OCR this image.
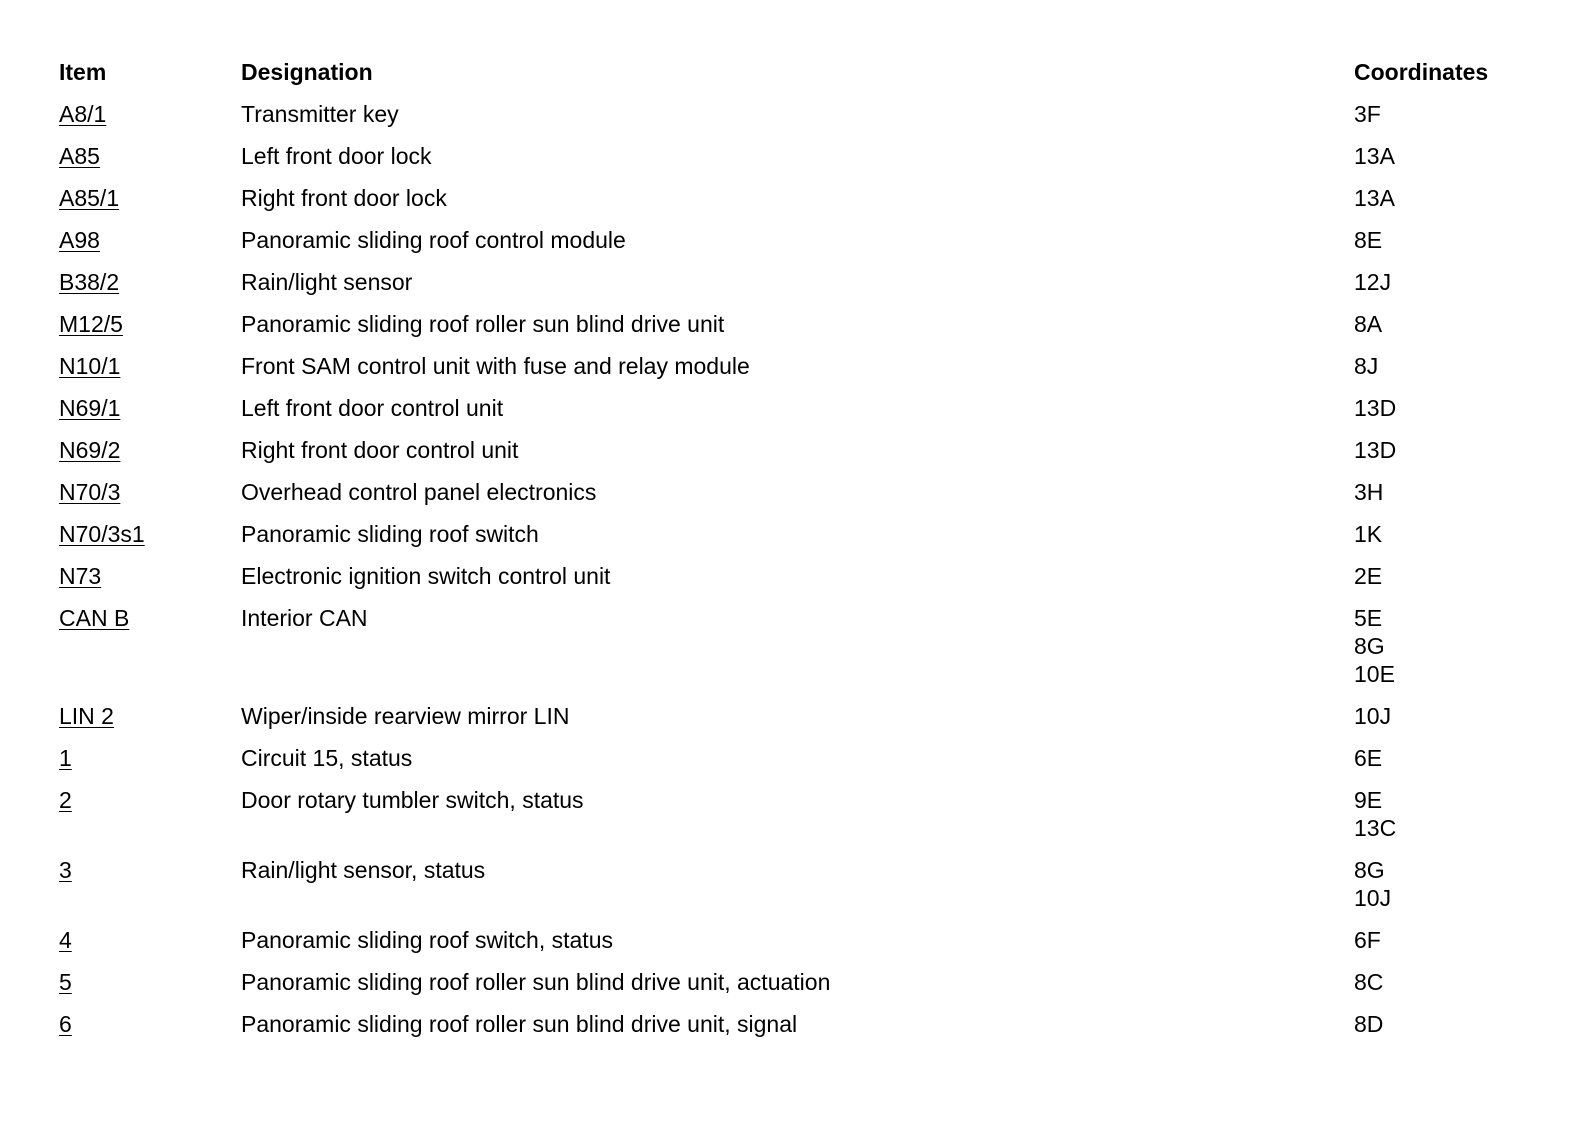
Item	Designation	Coordinates
A8/1	Transmitter key	3F
A85	Left front door lock	13A
A85/1	Right front door lock	13A
A98	Panoramic sliding roof control module	8E
B38/2	Rain/light sensor	12J
M12/5	Panoramic sliding roof roller sun blind drive unit	8A
N10/1	Front SAM control unit with fuse and relay module	8J
N69/1	Left front door control unit	13D
N69/2	Right front door control unit	13D
N70/3	Overhead control panel electronics	3H
N70/3s1	Panoramic sliding roof switch	1K
N73	Electronic ignition switch control unit	2E
CAN B	Interior CAN	5E
8G
10E
LIN 2	Wiper/inside rearview mirror LIN	10J
1	Circuit 15, status	6E
2	Door rotary tumbler switch, status	9E
13C
3	Rain/light sensor, status	8G
10J
4	Panoramic sliding roof switch, status	6F
5	Panoramic sliding roof roller sun blind drive unit, actuation	8C
6	Panoramic sliding roof roller sun blind drive unit, signal	8D
